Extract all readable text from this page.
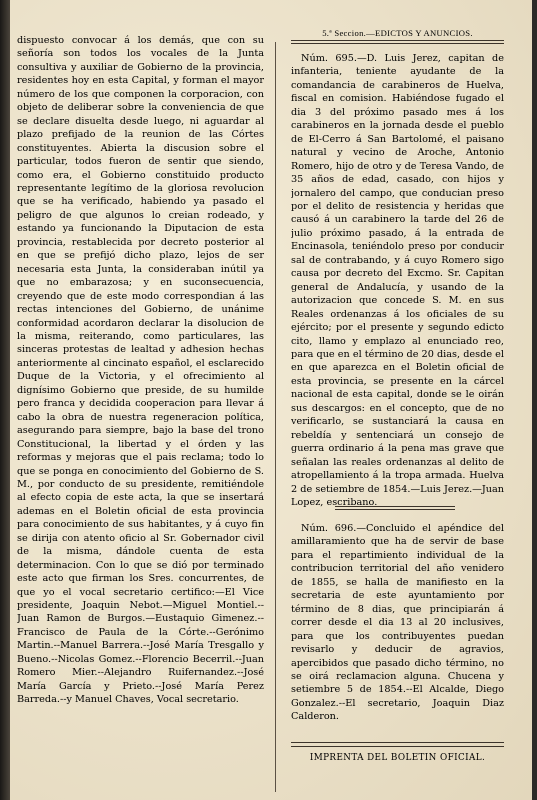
dispuesto convocar á los demás, que con su señoría son todos los vocales de la Junta consultiva y auxiliar de Gobierno de la provincia, residentes hoy en esta Capital, y forman el mayor número de los que componen la corporacion, con objeto de deliberar sobre la conveniencia de que se declare disuelta desde luego, ni aguardar al plazo prefijado de la reunion de las Córtes constituyentes. Abierta la discusion sobre el particular, todos fueron de sentir que siendo, como era, el Gobierno constituido producto representante legítimo de la gloriosa revolucion que se ha verificado, habiendo ya pasado el peligro de que algunos lo creian rodeado, y estando ya funcionando la Diputacion de esta provincia, restablecida por decreto posterior al en que se prefijó dicho plazo, lejos de ser necesaria esta Junta, la consideraban inútil ya que no embarazosa; y en suconsecuencia, creyendo que de este modo correspondian á las rectas intenciones del Gobierno, de unánime conformidad acordaron declarar la disolucion de la misma, reiterando, como particulares, las sinceras protestas de lealtad y adhesion hechas anteriormente al cincinato español, el esclarecido Duque de la Victoria, y el ofrecimiento al dignísimo Gobierno que preside, de su humilde pero franca y decidida cooperacion para llevar á cabo la obra de nuestra regeneracion política, asegurando para siempre, bajo la base del trono Constitucional, la libertad y el órden y las reformas y mejoras que el pais reclama; todo lo que se ponga en conocimiento del Gobierno de S. M., por conducto de su presidente, remitiéndole al efecto copia de este acta, la que se insertará ademas en el Boletin oficial de esta provincia para conocimiento de sus habitantes, y á cuyo fin se dirija con atento oficio al Sr. Gobernador civil de la misma, dándole cuenta de esta determinacion. Con lo que se dió por terminado este acto que firman los Sres. concurrentes, de que yo el vocal secretario certifico:—El Vice presidente, Joaquin Nebot.—Miguel Montiel.--Juan Ramon de Burgos.—Eustaquio Gimenez.--Francisco de Paula de la Córte.--Gerónimo Martin.--Manuel Barrera.--José María Tresgallo y Bueno.--Nicolas Gomez.--Florencio Becerril.--Juan Romero Mier.--Alejandro Ruifernandez.--José María García y Prieto.--José María Perez Barreda.--y Manuel Chaves, Vocal secretario.

5.ª Seccion.—EDICTOS Y ANUNCIOS.

Núm. 695.—D. Luis Jerez, capitan de infanteria, teniente ayudante de la comandancia de carabineros de Huelva, fiscal en comision. Habiéndose fugado el dia 3 del próximo pasado mes á los carabineros en la jornada desde el pueblo de El-Cerro á San Bartolomé, el paisano natural y vecino de Aroche, Antonio Romero, hijo de otro y de Teresa Vando, de 35 años de edad, casado, con hijos y jornalero del campo, que conducian preso por el delito de resistencia y heridas que causó á un carabinero la tarde del 26 de julio próximo pasado, á la entrada de Encinasola, teniéndolo preso por conducir sal de contrabando, y á cuyo Romero sigo causa por decreto del Excmo. Sr. Capitan general de Andalucía, y usando de la autorizacion que concede S. M. en sus Reales ordenanzas á los oficiales de su ejército; por el presente y segundo edicto cito, llamo y emplazo al enunciado reo, para que en el término de 20 dias, desde el en que aparezca en el Boletin oficial de esta provincia, se presente en la cárcel nacional de esta capital, donde se le oirán sus descargos: en el concepto, que de no verificarlo, se sustanciará la causa en rebeldía y sentenciará un consejo de guerra ordinario á la pena mas grave que señalan las reales ordenanzas al delito de atropellamiento á la tropa armada. Huelva 2 de setiembre de 1854.—Luis Jerez.—Juan Lopez, escribano.

Núm. 696.—Concluido el apéndice del amillaramiento que ha de servir de base para el repartimiento individual de la contribucion territorial del año venidero de 1855, se halla de manifiesto en la secretaria de este ayuntamiento por término de 8 dias, que principiarán á correr desde el dia 13 al 20 inclusives, para que los contribuyentes puedan revisarlo y deducir de agravios, apercibidos que pasado dicho término, no se oirá reclamacion alguna. Chucena y setiembre 5 de 1854.--El Alcalde, Diego Gonzalez.--El secretario, Joaquin Diaz Calderon.

IMPRENTA DEL BOLETIN OFICIAL.
